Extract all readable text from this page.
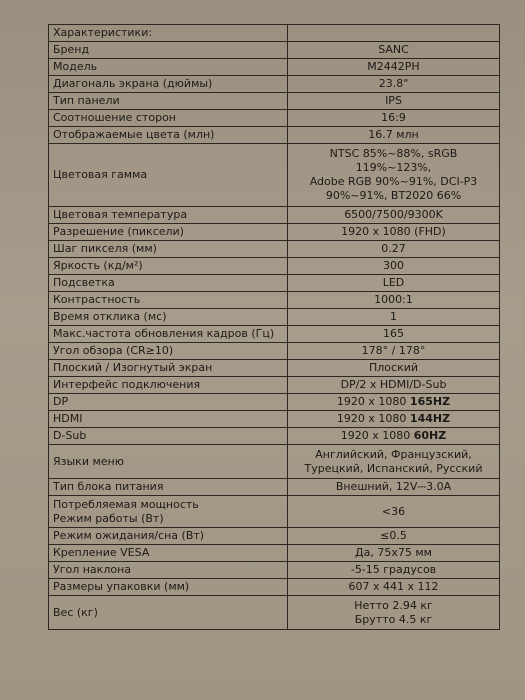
Характеристики:	
Бренд	SANC
Модель	M2442PH
Диагональ экрана (дюймы)	23.8"
Тип панели	IPS
Соотношение сторон	16:9
Отображаемые цвета (млн)	16.7 млн
Цветовая гамма	NTSC 85%~88%, sRGB 119%~123%,
Adobe RGB 90%~91%, DCI-P3
90%~91%, BT2020 66%

Цветовая температура	6500/7500/9300K
Разрешение (пиксели)	1920 x 1080 (FHD)
Шаг пикселя (мм)	0.27
Яркость (кд/м²)	300
Подсветка	LED
Контрастность	1000:1
Время отклика (мс)	1
Макс.частота обновления кадров (Гц)	165
Угол обзора (CR≥10)	178° / 178°
Плоский / Изогнутый экран	Плоский
Интерфейс подключения	DP/2 x HDMI/D-Sub
DP	1920 x 1080 165HZ
HDMI	1920 x 1080 144HZ
D-Sub	1920 x 1080 60HZ
Языки меню	Английский, Французский,
Турецкий, Испанский, Русский

Тип блока питания	Внешний, 12V⎓3.0A

Потребляемая мощность
Режим работы (Вт)	<36
Режим ожидания/сна (Вт)	≤0.5
Крепление VESA	Да, 75x75 мм
Угол наклона	-5-15 градусов
Размеры упаковки (мм)	607 x 441 x 112
Вес (кг)	Нетто 2.94 кг
Брутто 4.5 кг
